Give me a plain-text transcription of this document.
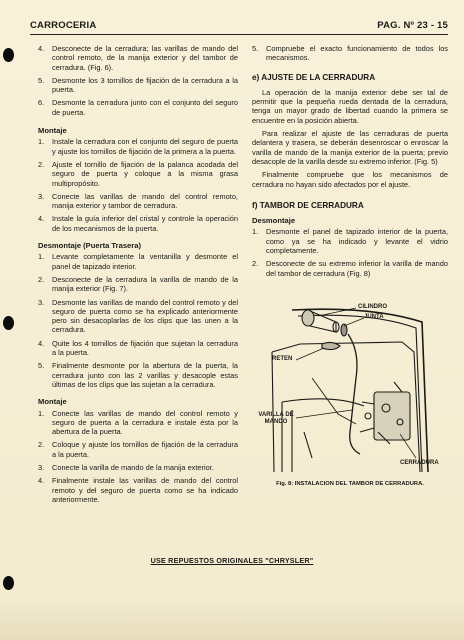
CARROCERIA	PAG. Nº 23 - 15
4. Desconecte de la cerradura; las varillas de mando del control remoto, de la manija exterior y del tambor de cerradura. (Fig. 6).
5. Desmonte los 3 tornillos de fijación de la cerradura a la puerta.
6. Desmonte la cerradura junto con el conjunto del seguro de puerta.
Montaje
1. Instale la cerradura con el conjunto del seguro de puerta y ajuste los tornillos de fijación de la primera a la puerta.
2. Ajuste el tornillo de fijación de la palanca acodada del seguro de puerta y coloque a la misma grasa multipropósito.
3. Conecte las varillas de mando del control remoto, manija exterior y tambor de cerradura.
4. Instale la guía inferior del cristal y controle la operación de los mecanismos de la puerta.
Desmontaje (Puerta Trasera)
1. Levante completamente la ventanilla y desmonte el panel de tapizado interior.
2. Desconecte de la cerradura la varilla de mando de la manija exterior (Fig. 7).
3. Desmonte las varillas de mando del control remoto y del seguro de puerta como se ha explicado anteriormente pero sin desacoplarlas de los clips que las unen a la cerradura.
4. Quite los 4 tornillos de fijación que sujetan la cerradura a la puerta.
5. Finalmente desmonte por la abertura de la puerta, la cerradura junto con las 2 varillas y desacople estas últimas de los clips que las sujetan a la cerradura.
Montaje
1. Conecte las varillas de mando del control remoto y seguro de puerta a la cerradura e instale ésta por la abertura de la puerta.
2. Coloque y ajuste los tornillos de fijación de la cerradura a la puerta.
3. Conecte la varilla de mando de la manija exterior.
4. Finalmente instale las varillas de mando del control remoto y del seguro de puerta como se ha indicado anteriormente.
5. Compruebe el exacto funcionamiento de todos los mecanismos.
e) AJUSTE DE LA CERRADURA

La operación de la manija exterior debe ser tal de permitir que la pequeña rueda dentada de la cerradura, tenga un mayor grado de libertad cuando la primera se encuentre en la posición abierta.

Para realizar el ajuste de las cerraduras de puerta delantera y trasera, se deberán desenroscar o enroscar la varilla de mando de la manija exterior de la puerta; previo desacople de la varilla desde su extremo inferior. (Fig. 5)

Finalmente compruebe que los mecanismos de cerradura no hayan sido afectados por el ajuste.

f) TAMBOR DE CERRADURA
Desmontaje
1. Desmonte el panel de tapizado interior de la puerta, como ya se ha indicado y levante el vidrio completamente.
2. Desconecte de su extremo inferior la varilla de mando del tambor de cerradura (Fig. 8)
CILINDRO
JUNTA
RETEN
VARILLA DE MANDO
CERRADURA
Fig. 8: INSTALACION DEL TAMBOR DE CERRADURA.
USE REPUESTOS ORIGINALES "CHRYSLER"
